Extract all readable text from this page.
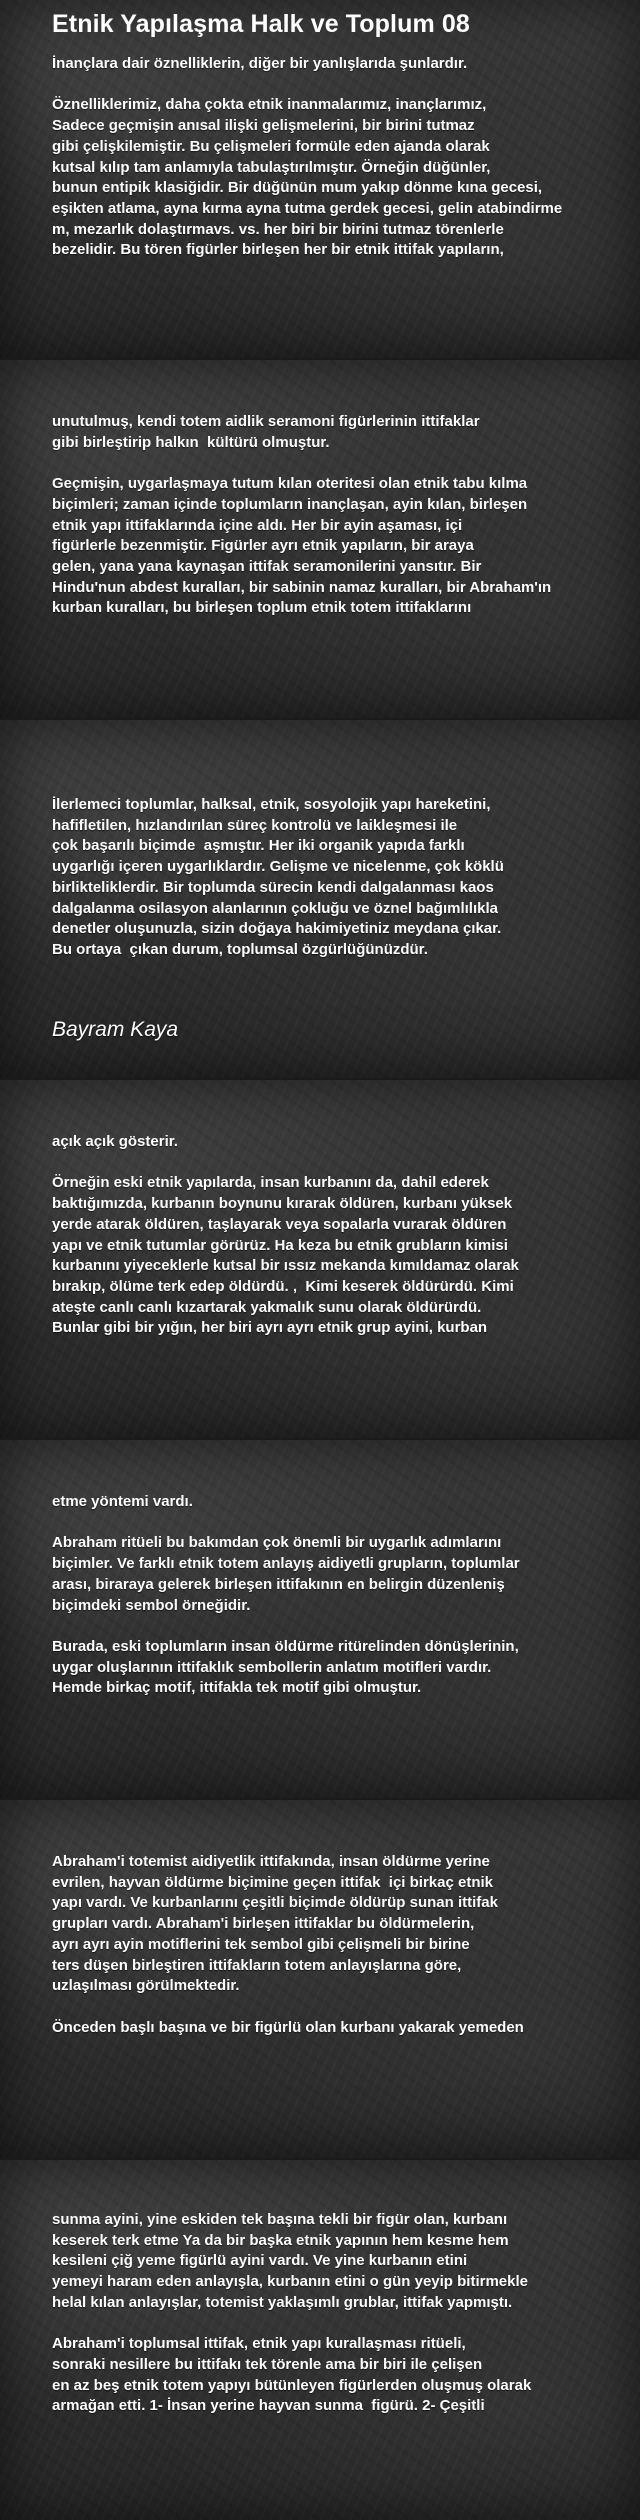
Etnik Yapılaşma Halk ve Toplum 08
İnançlara dair öznelliklerin, diğer bir yanlışlarıda şunlardır.

Öznelliklerimiz, daha çokta etnik inanmalarımız, inançlarımız,
Sadece geçmişin anısal ilişki gelişmelerini, bir birini tutmaz
gibi çelişkilemiştir. Bu çelişmeleri formüle eden ajanda olarak
kutsal kılıp tam anlamıyla tabulaştırılmıştır. Örneğin düğünler,
bunun entipik klasiğidir. Bir düğünün mum yakıp dönme kına gecesi,
eşikten atlama, ayna kırma ayna tutma gerdek gecesi, gelin atabindirme
m, mezarlık dolaştırmavs. vs. her biri bir birini tutmaz törenlerle
bezelidir. Bu tören figürler birleşen her bir etnik ittifak yapıların,
unutulmuş, kendi totem aidlik seramoni figürlerinin ittifaklar
gibi birleştirip halkın  kültürü olmuştur.

Geçmişin, uygarlaşmaya tutum kılan oteritesi olan etnik tabu kılma
biçimleri; zaman içinde toplumların inançlaşan, ayin kılan, birleşen
etnik yapı ittifaklarında içine aldı. Her bir ayin aşaması, içi
figürlerle bezenmiştir. Figürler ayrı etnik yapıların, bir araya
gelen, yana yana kaynaşan ittifak seramonilerini yansıtır. Bir
Hindu'nun abdest kuralları, bir sabinin namaz kuralları, bir Abraham'ın
kurban kuralları, bu birleşen toplum etnik totem ittifaklarını
İlerlemeci toplumlar, halksal, etnik, sosyolojik yapı hareketini,
hafifletilen, hızlandırılan süreç kontrolü ve laikleşmesi ile
çok başarılı biçimde  aşmıştır. Her iki organik yapıda farklı
uygarlığı içeren uygarlıklardır. Gelişme ve nicelenme, çok köklü
birlikteliklerdir. Bir toplumda sürecin kendi dalgalanması kaos
dalgalanma osilasyon alanlarının çokluğu ve öznel bağımlılıkla
denetler oluşunuzla, sizin doğaya hakimiyetiniz meydana çıkar.
Bu ortaya  çıkan durum, toplumsal özgürlüğünüzdür.
Bayram Kaya
açık açık gösterir.

Örneğin eski etnik yapılarda, insan kurbanını da, dahil ederek
baktığımızda, kurbanın boynunu kırarak öldüren, kurbanı yüksek
yerde atarak öldüren, taşlayarak veya sopalarla vurarak öldüren
yapı ve etnik tutumlar görürüz. Ha keza bu etnik grubların kimisi
kurbanını yiyeceklerle kutsal bir ıssız mekanda kımıldamaz olarak
bırakıp, ölüme terk edep öldürdü. ,  Kimi keserek öldürürdü. Kimi
ateşte canlı canlı kızartarak yakmalık sunu olarak öldürürdü.
Bunlar gibi bir yığın, her biri ayrı ayrı etnik grup ayini, kurban
etme yöntemi vardı.

Abraham ritüeli bu bakımdan çok önemli bir uygarlık adımlarını
biçimler. Ve farklı etnik totem anlayış aidiyetli grupların, toplumlar
arası, biraraya gelerek birleşen ittifakının en belirgin düzenleniş
biçimdeki sembol örneğidir.

Burada, eski toplumların insan öldürme ritürelinden dönüşlerinin,
uygar oluşlarının ittifaklık sembollerin anlatım motifleri vardır.
Hemde birkaç motif, ittifakla tek motif gibi olmuştur.
Abraham'i totemist aidiyetlik ittifakında, insan öldürme yerine
evrilen, hayvan öldürme biçimine geçen ittifak  içi birkaç etnik
yapı vardı. Ve kurbanlarını çeşitli biçimde öldürüp sunan ittifak
grupları vardı. Abraham'i birleşen ittifaklar bu öldürmelerin,
ayrı ayrı ayin motiflerini tek sembol gibi çelişmeli bir birine
ters düşen birleştiren ittifakların totem anlayışlarına göre,
uzlaşılması görülmektedir.

Önceden başlı başına ve bir figürlü olan kurbanı yakarak yemeden
sunma ayini, yine eskiden tek başına tekli bir figür olan, kurbanı
keserek terk etme Ya da bir başka etnik yapının hem kesme hem
kesileni çiğ yeme figürlü ayini vardı. Ve yine kurbanın etini
yemeyi haram eden anlayışla, kurbanın etini o gün yeyip bitirmekle
helal kılan anlayışlar, totemist yaklaşımlı grublar, ittifak yapmıştı.

Abraham'i toplumsal ittifak, etnik yapı kurallaşması ritüeli,
sonraki nesillere bu ittifakı tek törenle ama bir biri ile çelişen
en az beş etnik totem yapıyı bütünleyen figürlerden oluşmuş olarak
armağan etti. 1- İnsan yerine hayvan sunma  figürü. 2- Çeşitli
